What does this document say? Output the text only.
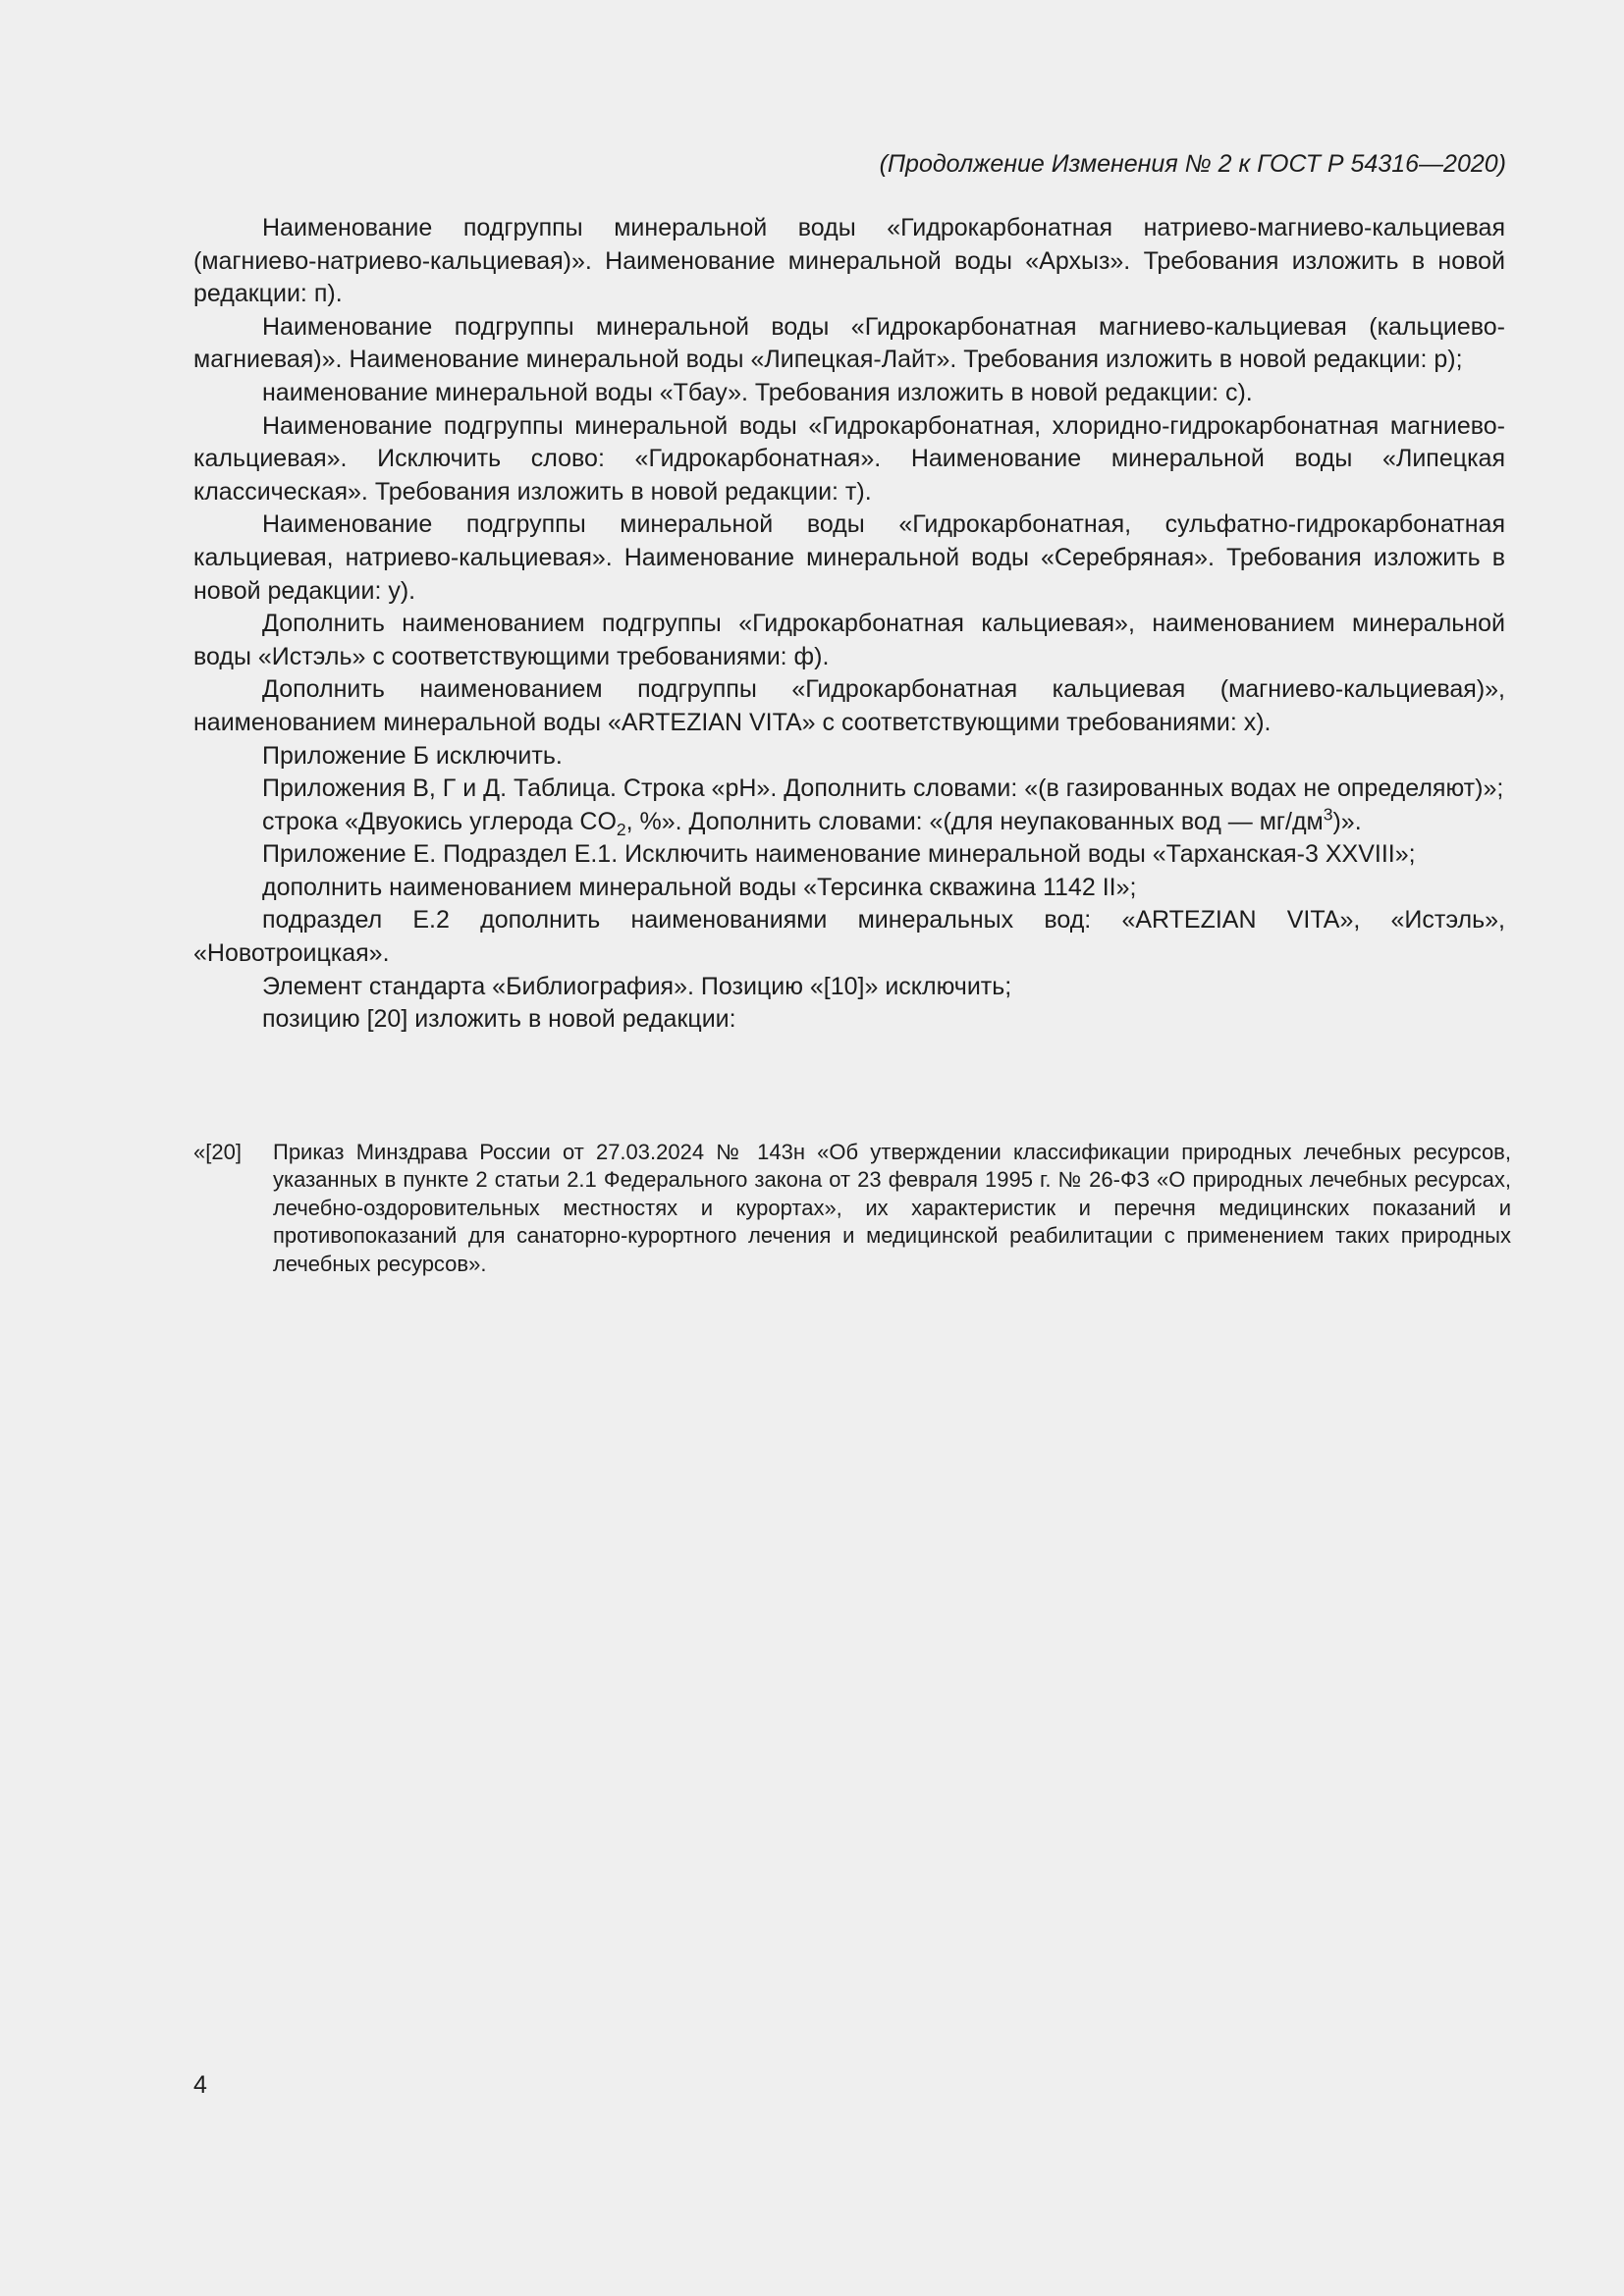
(Продолжение Изменения № 2 к ГОСТ Р 54316—2020)

Наименование подгруппы минеральной воды «Гидрокарбонатная натриево-магниево-кальциевая (магниево-натриево-кальциевая)». Наименование минеральной воды «Архыз». Требования изложить в новой редакции: п).

Наименование подгруппы минеральной воды «Гидрокарбонатная магниево-кальциевая (кальциево-магниевая)». Наименование минеральной воды «Липецкая-Лайт». Требования изложить в новой редакции: р);

наименование минеральной воды «Тбау». Требования изложить в новой редакции: с).

Наименование подгруппы минеральной воды «Гидрокарбонатная, хлоридно-гидрокарбонатная магниево-кальциевая». Исключить слово: «Гидрокарбонатная». Наименование минеральной воды «Липецкая классическая». Требования изложить в новой редакции: т).

Наименование подгруппы минеральной воды «Гидрокарбонатная, сульфатно-гидрокарбонатная кальциевая, натриево-кальциевая». Наименование минеральной воды «Серебряная». Требования изложить в новой редакции: у).

Дополнить наименованием подгруппы «Гидрокарбонатная кальциевая», наименованием минеральной воды «Истэль» с соответствующими требованиями: ф).

Дополнить наименованием подгруппы «Гидрокарбонатная кальциевая (магниево-кальциевая)», наименованием минеральной воды «ARTEZIAN VITA» с соответствующими требованиями: х).

Приложение Б исключить.

Приложения В, Г и Д. Таблица. Строка «pH». Дополнить словами: «(в газированных водах не определяют)»;

строка «Двуокись углерода $CO_2$, %». Дополнить словами: «(для неупакованных вод — $мг/дм^3$)».

Приложение Е. Подраздел Е.1. Исключить наименование минеральной воды «Тарханская-3 XXVIII»;

дополнить наименованием минеральной воды «Терсинка скважина 1142 II»;

подраздел Е.2 дополнить наименованиями минеральных вод: «ARTEZIAN VITA», «Истэль», «Новотроицкая».

Элемент стандарта «Библиография». Позицию «[10]» исключить;

позицию [20] изложить в новой редакции:

«[20]	Приказ Минздрава России от 27.03.2024 № 143н «Об утверждении классификации природных лечебных ресурсов, указанных в пункте 2 статьи 2.1 Федерального закона от 23 февраля 1995 г. № 26-ФЗ «О природных лечебных ресурсах, лечебно-оздоровительных местностях и курортах», их характеристик и перечня медицинских показаний и противопоказаний для санаторно-курортного лечения и медицинской реабилитации с применением таких природных лечебных ресурсов».
4
